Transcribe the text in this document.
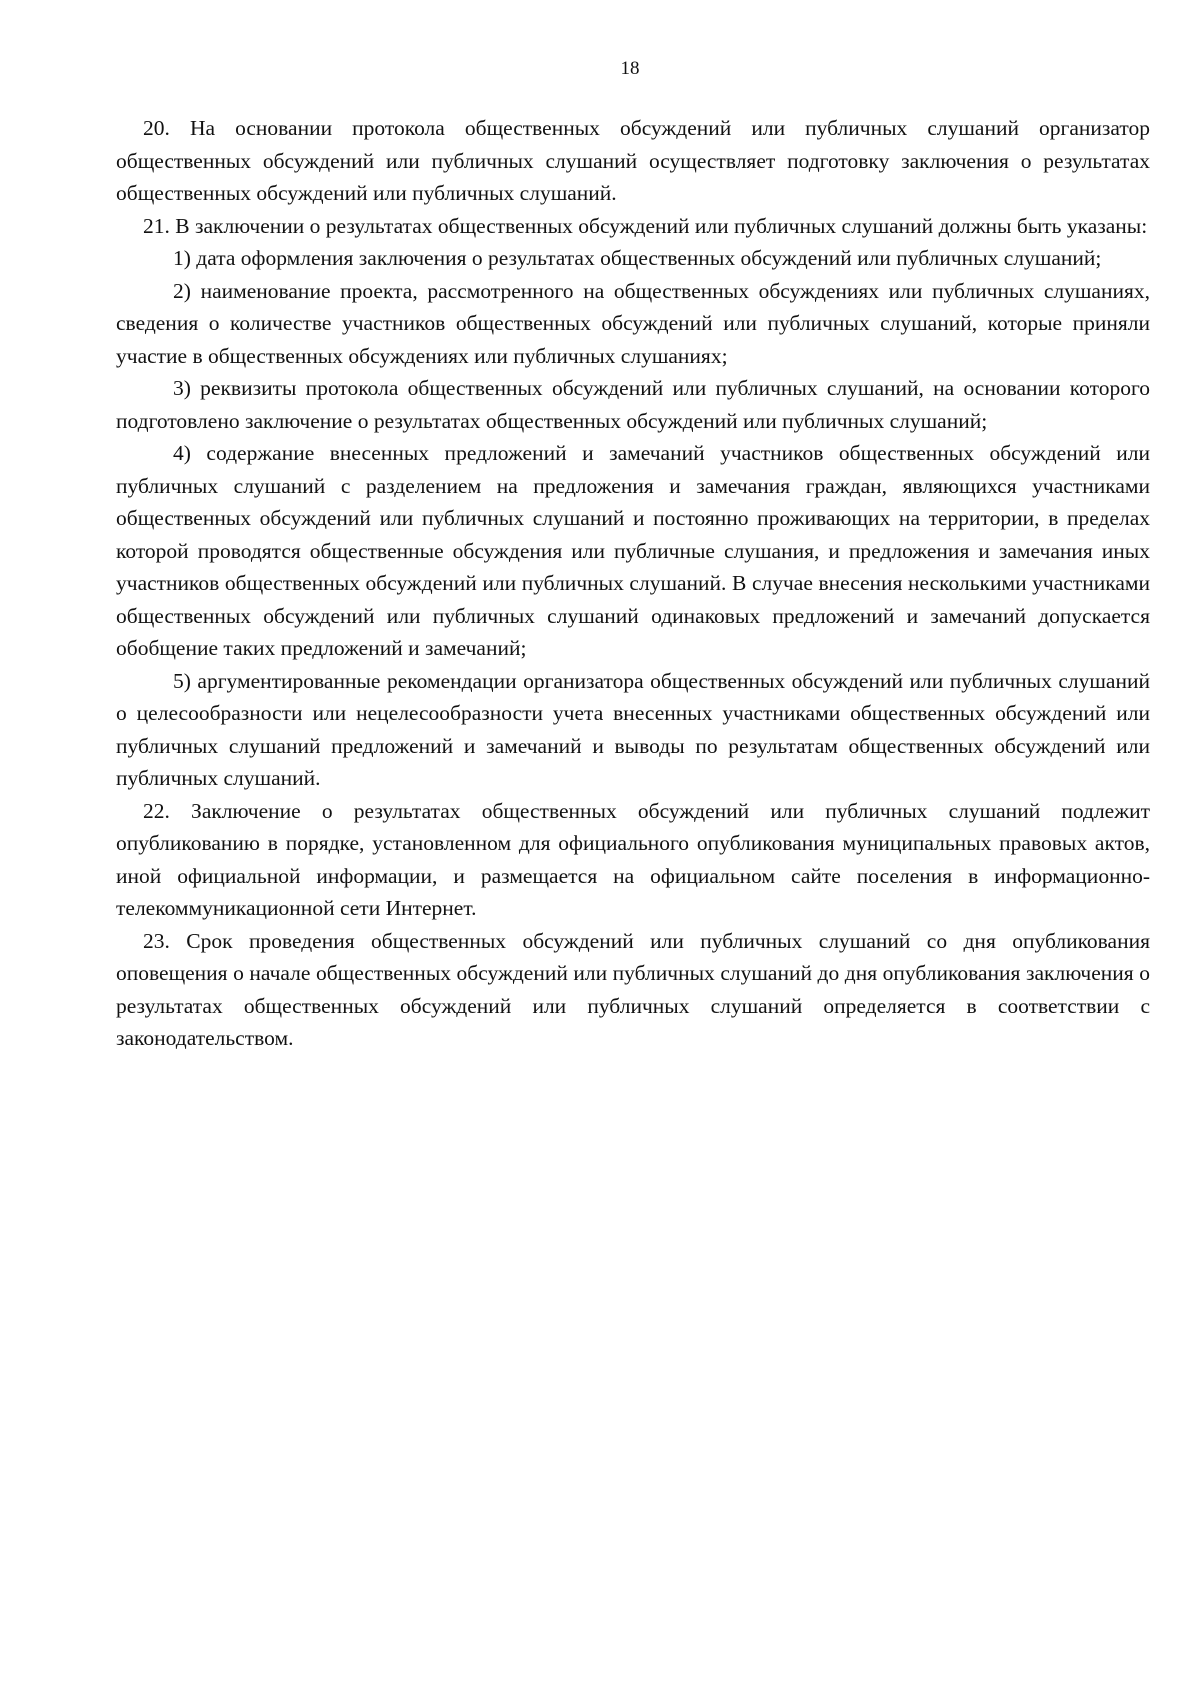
18

20. На основании протокола общественных обсуждений или публичных слушаний организатор общественных обсуждений или публичных слушаний осуществляет подготовку заключения о результатах общественных обсуждений или публичных слушаний.

21. В заключении о результатах общественных обсуждений или публичных слушаний должны быть указаны:

1) дата оформления заключения о результатах общественных обсуждений или публичных слушаний;

2) наименование проекта, рассмотренного на общественных обсуждениях или публичных слушаниях, сведения о количестве участников общественных обсуждений или публичных слушаний, которые приняли участие в общественных обсуждениях или публичных слушаниях;

3) реквизиты протокола общественных обсуждений или публичных слушаний, на основании которого подготовлено заключение о результатах общественных обсуждений или публичных слушаний;

4) содержание внесенных предложений и замечаний участников общественных обсуждений или публичных слушаний с разделением на предложения и замечания граждан, являющихся участниками общественных обсуждений или публичных слушаний и постоянно проживающих на территории, в пределах которой проводятся общественные обсуждения или публичные слушания, и предложения и замечания иных участников общественных обсуждений или публичных слушаний. В случае внесения несколькими участниками общественных обсуждений или публичных слушаний одинаковых предложений и замечаний допускается обобщение таких предложений и замечаний;

5) аргументированные рекомендации организатора общественных обсуждений или публичных слушаний о целесообразности или нецелесообразности учета внесенных участниками общественных обсуждений или публичных слушаний предложений и замечаний и выводы по результатам общественных обсуждений или публичных слушаний.

22. Заключение о результатах общественных обсуждений или публичных слушаний подлежит опубликованию в порядке, установленном для официального опубликования муниципальных правовых актов, иной официальной информации, и размещается на официальном сайте поселения в информационно-телекоммуникационной сети Интернет.

23. Срок проведения общественных обсуждений или публичных слушаний со дня опубликования оповещения о начале общественных обсуждений или публичных слушаний до дня опубликования заключения о результатах общественных обсуждений или публичных слушаний определяется в соответствии с законодательством.
